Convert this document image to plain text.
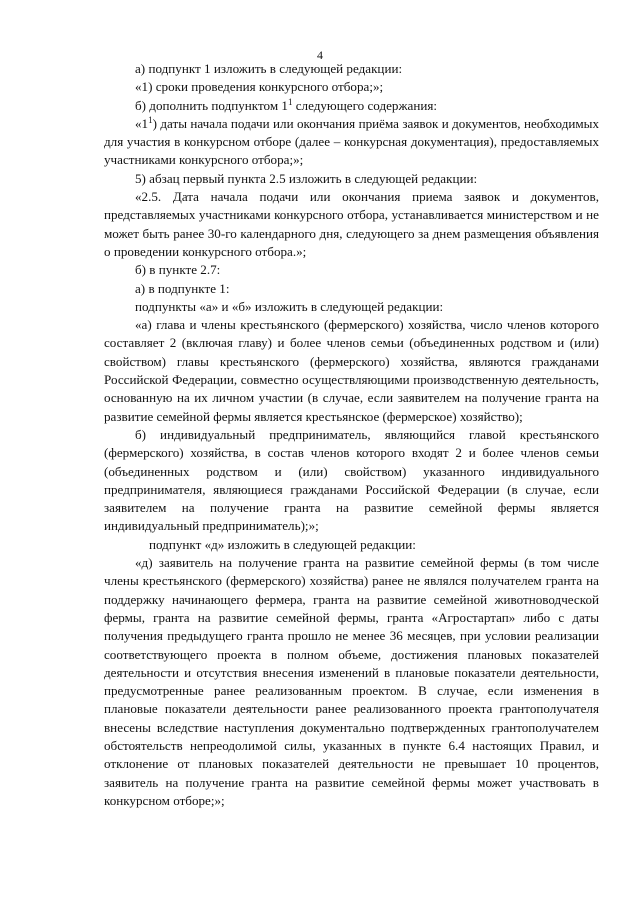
4

а) подпункт 1 изложить в следующей редакции:

«1) сроки проведения конкурсного отбора;»;

б) дополнить подпунктом $1^1$ следующего содержания:

«$1^1$) даты начала подачи или окончания приёма заявок и документов, необходимых для участия в конкурсном отборе (далее – конкурсная документация), предоставляемых участниками конкурсного отбора;»;

5) абзац первый пункта 2.5 изложить в следующей редакции:

«2.5. Дата начала подачи или окончания приема заявок и документов, представляемых участниками конкурсного отбора, устанавливается министерством и не может быть ранее 30-го календарного дня, следующего за днем размещения объявления о проведении конкурсного отбора.»;

б) в пункте 2.7:

а) в подпункте 1:

подпункты «а» и «б» изложить в следующей редакции:

«а) глава и члены крестьянского (фермерского) хозяйства, число членов которого составляет 2 (включая главу) и более членов семьи (объединенных родством и (или) свойством) главы крестьянского (фермерского) хозяйства, являются гражданами Российской Федерации, совместно осуществляющими производственную деятельность, основанную на их личном участии (в случае, если заявителем на получение гранта на развитие семейной фермы является крестьянское (фермерское) хозяйство);

б) индивидуальный предприниматель, являющийся главой крестьянского (фермерского) хозяйства, в состав членов которого входят 2 и более членов семьи (объединенных родством и (или) свойством) указанного индивидуального предпринимателя, являющиеся гражданами Российской Федерации (в случае, если заявителем на получение гранта на развитие семейной фермы является индивидуальный предприниматель);»;

подпункт «д» изложить в следующей редакции:

«д) заявитель на получение гранта на развитие семейной фермы (в том числе члены крестьянского (фермерского) хозяйства) ранее не являлся получателем гранта на поддержку начинающего фермера, гранта на развитие семейной животноводческой фермы, гранта на развитие семейной фермы, гранта «Агростартап» либо с даты получения предыдущего гранта прошло не менее 36 месяцев, при условии реализации соответствующего проекта в полном объеме, достижения плановых показателей деятельности и отсутствия внесения изменений в плановые показатели деятельности, предусмотренные ранее реализованным проектом. В случае, если изменения в плановые показатели деятельности ранее реализованного проекта грантополучателя внесены вследствие наступления документально подтвержденных грантополучателем обстоятельств непреодолимой силы, указанных в пункте 6.4 настоящих Правил, и отклонение от плановых показателей деятельности не превышает 10 процентов, заявитель на получение гранта на развитие семейной фермы может участвовать в конкурсном отборе;»;
